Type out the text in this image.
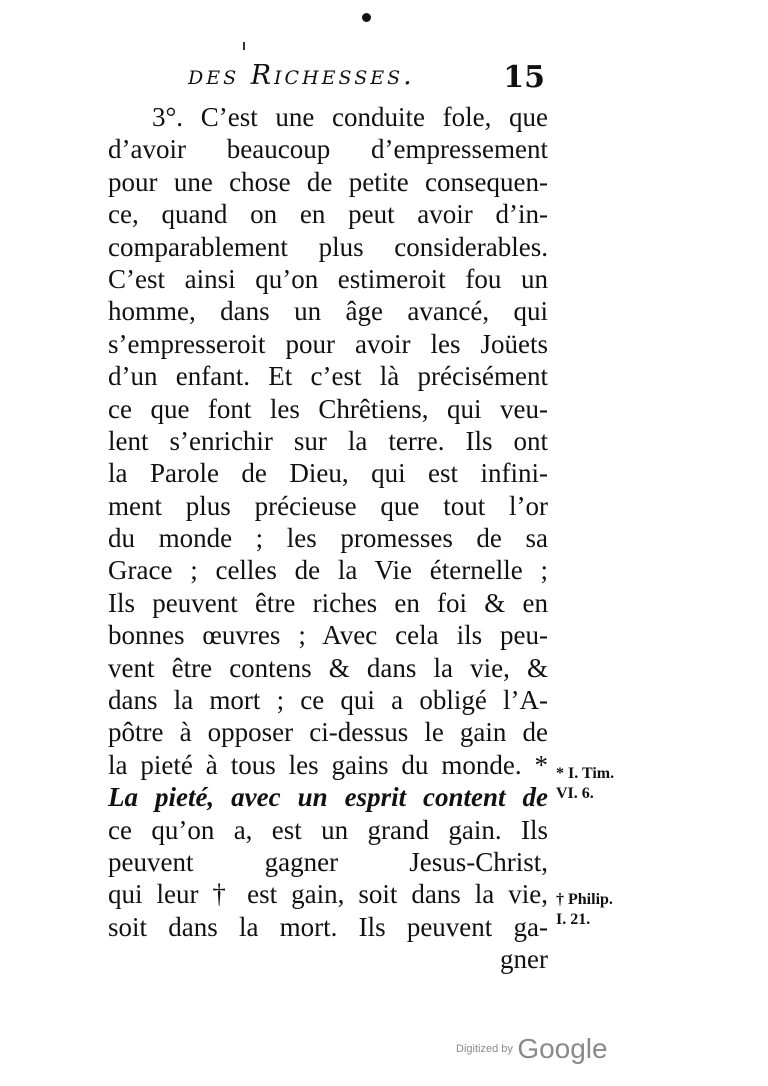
des Richesses.	15
3°. C’est une conduite fole, que
d’avoir beaucoup d’empressement
pour une chose de petite consequen-
ce, quand on en peut avoir d’in-
comparablement plus considerables.
C’est ainsi qu’on estimeroit fou un
homme, dans un âge avancé, qui
s’empresseroit pour avoir les Joüets
d’un enfant. Et c’est là précisément
ce que font les Chrêtiens, qui veu-
lent s’enrichir sur la terre. Ils ont
la Parole de Dieu, qui est infini-
ment plus précieuse que tout l’or
du monde ; les promesses de sa
Grace ; celles de la Vie éternelle ;
Ils peuvent être riches en foi & en
bonnes œuvres ; Avec cela ils peu-
vent être contens & dans la vie, &
dans la mort ; ce qui a obligé l’A-
pôtre à opposer ci-dessus le gain de
la pieté à tous les gains du monde. *
La pieté, avec un esprit content de
ce qu’on a, est un grand gain. Ils
peuvent gagner Jesus-Christ,
qui leur † est gain, soit dans la vie,
soit dans la mort. Ils peuvent ga-
gner
* I. Tim.
VI. 6.
† Philip.
I. 21.
Digitized by Google
